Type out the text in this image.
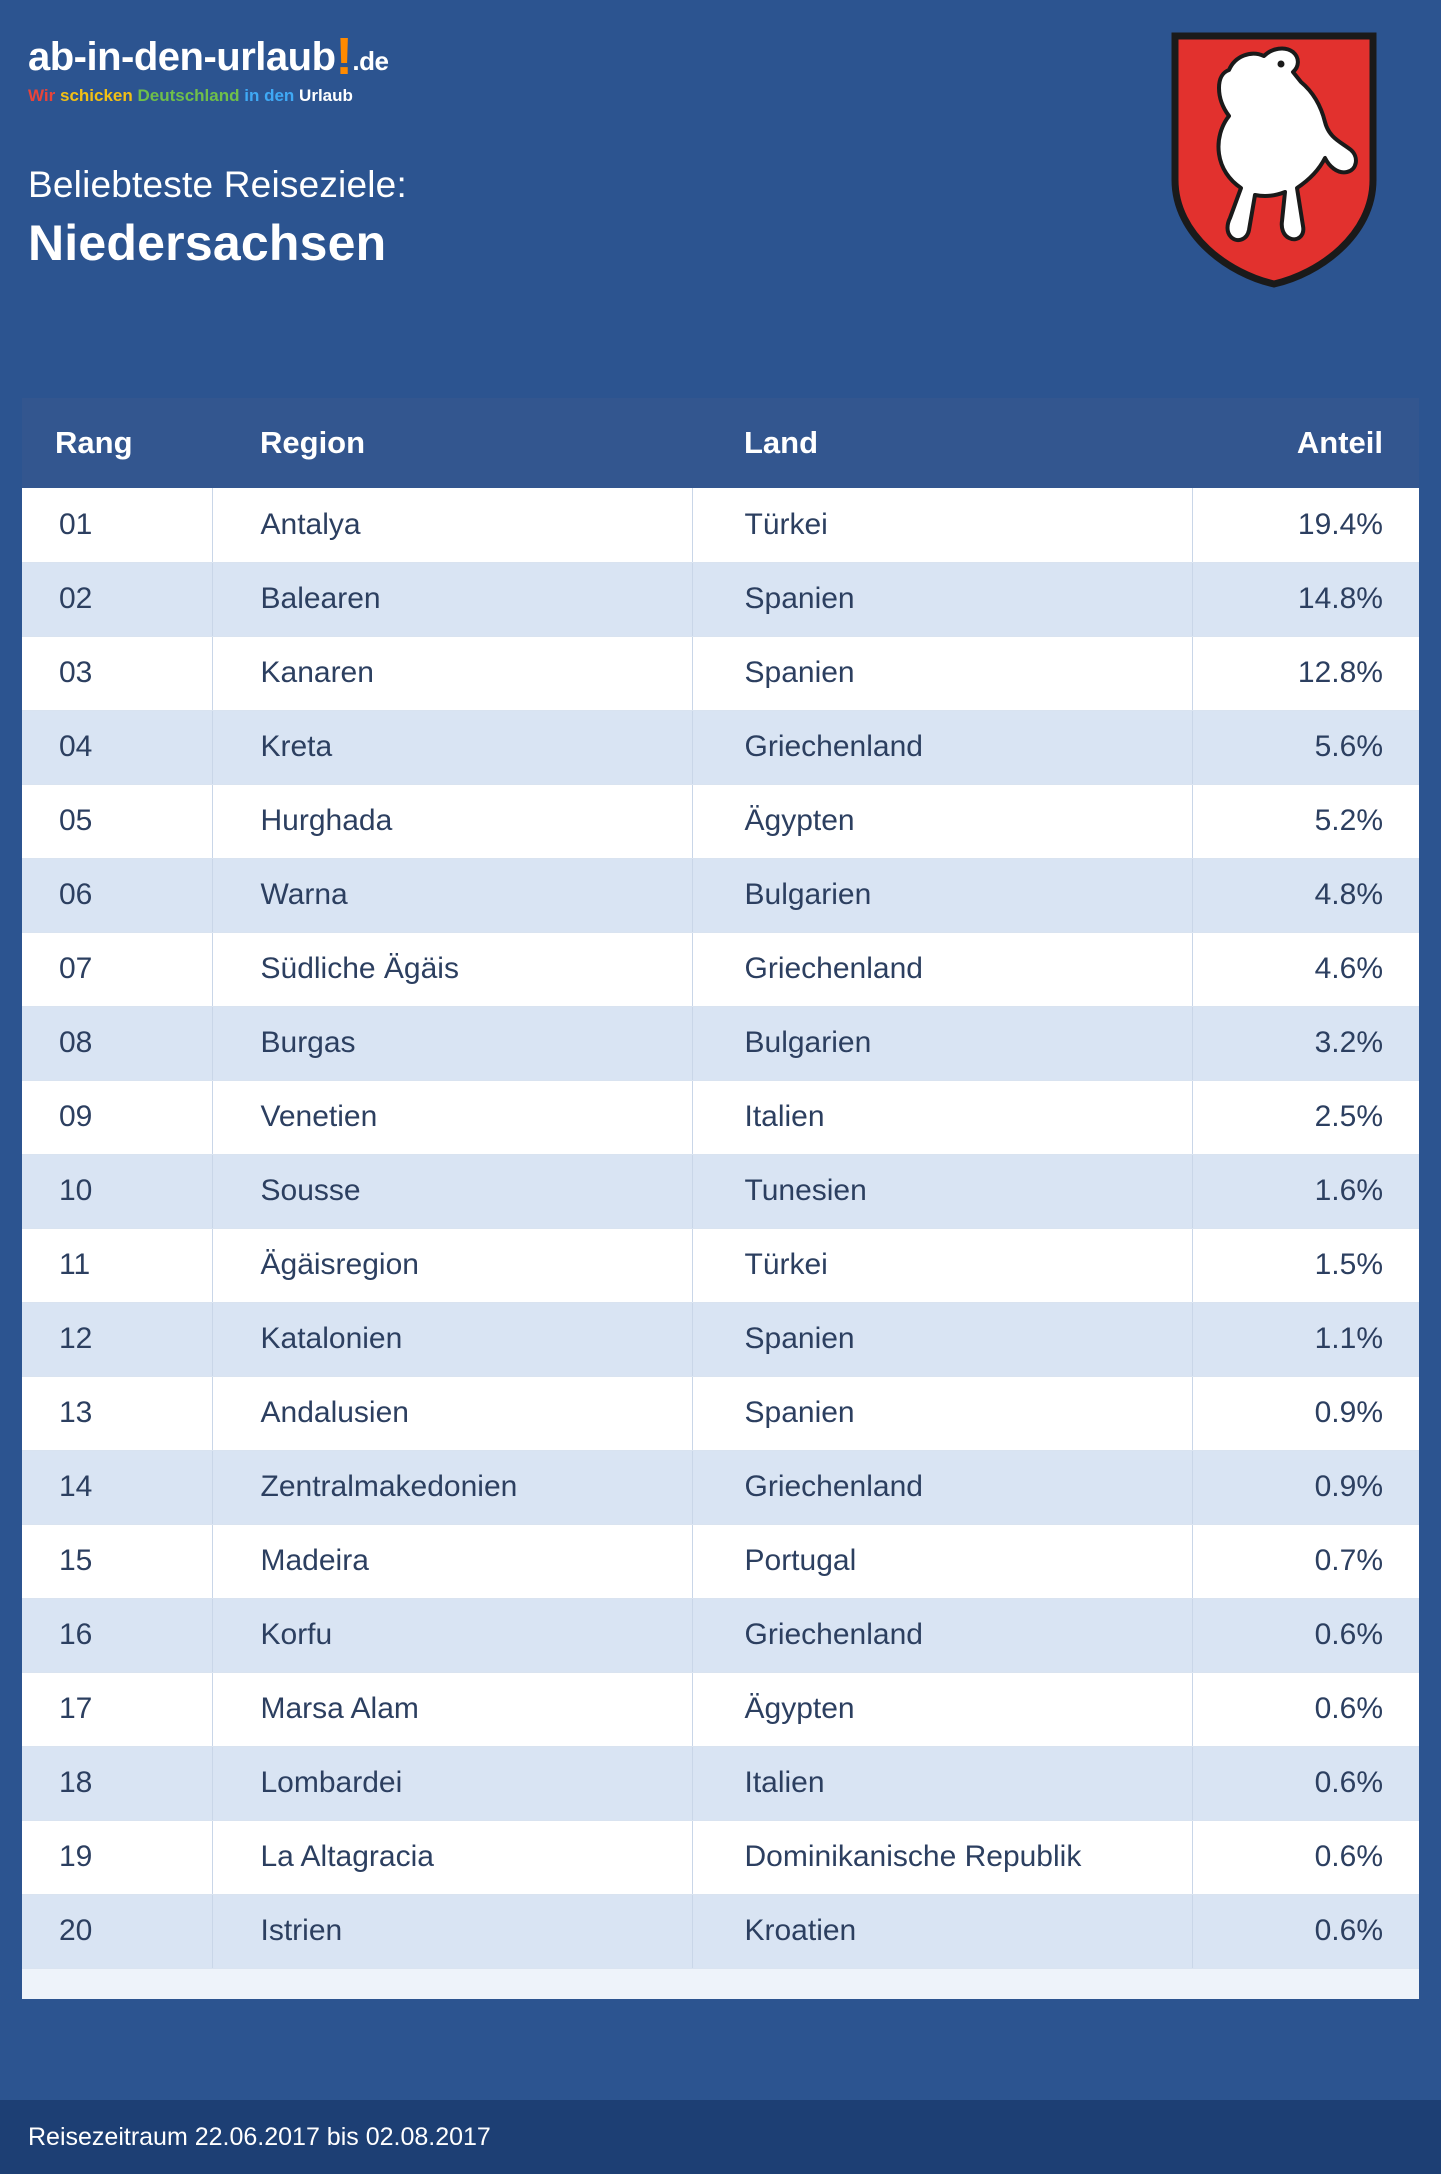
ab-in-den-urlaub!.de
Wir schicken Deutschland in den Urlaub
Beliebteste Reiseziele:
Niedersachsen
Rang	Region	Land	Anteil
01	Antalya	Türkei	19.4%
02	Balearen	Spanien	14.8%
03	Kanaren	Spanien	12.8%
04	Kreta	Griechenland	5.6%
05	Hurghada	Ägypten	5.2%
06	Warna	Bulgarien	4.8%
07	Südliche Ägäis	Griechenland	4.6%
08	Burgas	Bulgarien	3.2%
09	Venetien	Italien	2.5%
10	Sousse	Tunesien	1.6%
11	Ägäisregion	Türkei	1.5%
12	Katalonien	Spanien	1.1%
13	Andalusien	Spanien	0.9%
14	Zentralmakedonien	Griechenland	0.9%
15	Madeira	Portugal	0.7%
16	Korfu	Griechenland	0.6%
17	Marsa Alam	Ägypten	0.6%
18	Lombardei	Italien	0.6%
19	La Altagracia	Dominikanische Republik	0.6%
20	Istrien	Kroatien	0.6%
Reisezeitraum 22.06.2017 bis 02.08.2017
